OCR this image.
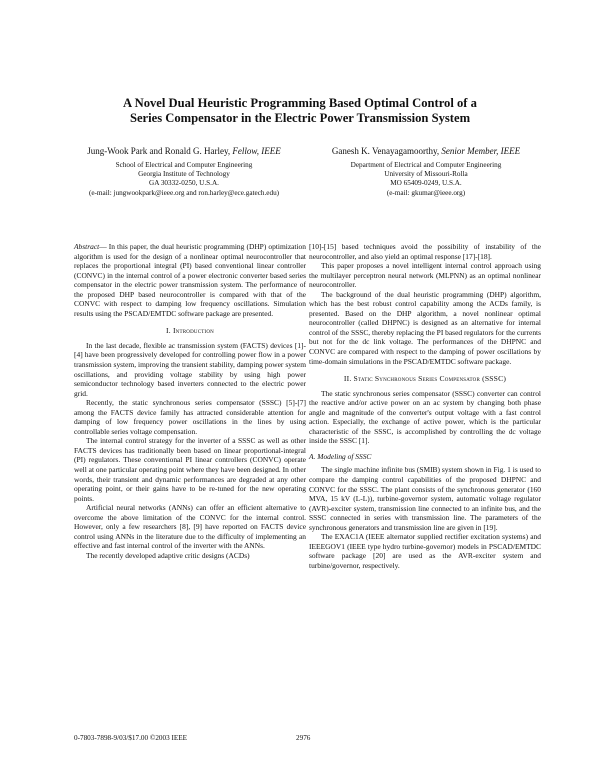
A Novel Dual Heuristic Programming Based Optimal Control of a
Series Compensator in the Electric Power Transmission System
Jung-Wook Park and Ronald G. Harley, Fellow, IEEE
School of Electrical and Computer Engineering
Georgia Institute of Technology
GA 30332-0250, U.S.A.
(e-mail: jungwookpark@ieee.org and ron.harley@ece.gatech.edu)
Ganesh K. Venayagamoorthy, Senior Member, IEEE
Department of Electrical and Computer Engineering
University of Missouri-Rolla
MO 65409-0249, U.S.A.
(e-mail: gkumar@ieee.org)

Abstract— In this paper, the dual heuristic programming (DHP) optimization algorithm is used for the design of a nonlinear optimal neurocontroller that replaces the proportional integral (PI) based conventional linear controller (CONVC) in the internal control of a power electronic converter based series compensator in the electric power transmission system. The performance of the proposed DHP based neurocontroller is compared with that of the CONVC with respect to damping low frequency oscillations. Simulation results using the PSCAD/EMTDC software package are presented.

I. Introduction

In the last decade, flexible ac transmission system (FACTS) devices [1]-[4] have been progressively developed for controlling power flow in a power transmission system, improving the transient stability, damping power system oscillations, and providing voltage stability by using high power semiconductor technology based inverters connected to the electric power grid.

Recently, the static synchronous series compensator (SSSC) [5]-[7] among the FACTS device family has attracted considerable attention for damping of low frequency power oscillations in the lines by using controllable series voltage compensation.

The internal control strategy for the inverter of a SSSC as well as other FACTS devices has traditionally been based on linear proportional-integral (PI) regulators. These conventional PI linear controllers (CONVC) operate well at one particular operating point where they have been designed. In other words, their transient and dynamic performances are degraded at any other operating point, or their gains have to be re-tuned for the new operating points.

Artificial neural networks (ANNs) can offer an efficient alternative to overcome the above limitation of the CONVC for the internal control. However, only a few researchers [8], [9] have reported on FACTS device control using ANNs in the literature due to the difficulty of implementing an effective and fast internal control of the inverter with the ANNs.

The recently developed adaptive critic designs (ACDs)

[10]-[15] based techniques avoid the possibility of instability of the neurocontroller, and also yield an optimal response [17]-[18].

This paper proposes a novel intelligent internal control approach using the multilayer perceptron neural network (MLPNN) as an optimal nonlinear neurocontroller.

The background of the dual heuristic programming (DHP) algorithm, which has the best robust control capability among the ACDs family, is presented. Based on the DHP algorithm, a novel nonlinear optimal neurocontroller (called DHPNC) is designed as an alternative for internal control of the SSSC, thereby replacing the PI based regulators for the currents but not for the dc link voltage. The performances of the DHPNC and CONVC are compared with respect to the damping of power oscillations by time-domain simulations in the PSCAD/EMTDC software package.

II. Static Synchronous Series Compensator (SSSC)

The static synchronous series compensator (SSSC) converter can control the reactive and/or active power on an ac system by changing both phase angle and magnitude of the converter's output voltage with a fast control action. Especially, the exchange of active power, which is the particular characteristic of the SSSC, is accomplished by controlling the dc voltage inside the SSSC [1].

A. Modeling of SSSC

The single machine infinite bus (SMIB) system shown in Fig. 1 is used to compare the damping control capabilities of the proposed DHPNC and CONVC for the SSSC. The plant consists of the synchronous generator (160 MVA, 15 kV (L-L)), turbine-governor system, automatic voltage regulator (AVR)-exciter system, transmission line connected to an infinite bus, and the SSSC connected in series with transmission line. The parameters of the synchronous generators and transmission line are given in [19].

The EXAC1A (IEEE alternator supplied rectifier excitation systems) and IEEEGOV1 (IEEE type hydro turbine-governor) models in PSCAD/EMTDC software package [20] are used as the AVR-exciter system and turbine/governor, respectively.

0-7803-7898-9/03/$17.00 ©2003 IEEE	2976
